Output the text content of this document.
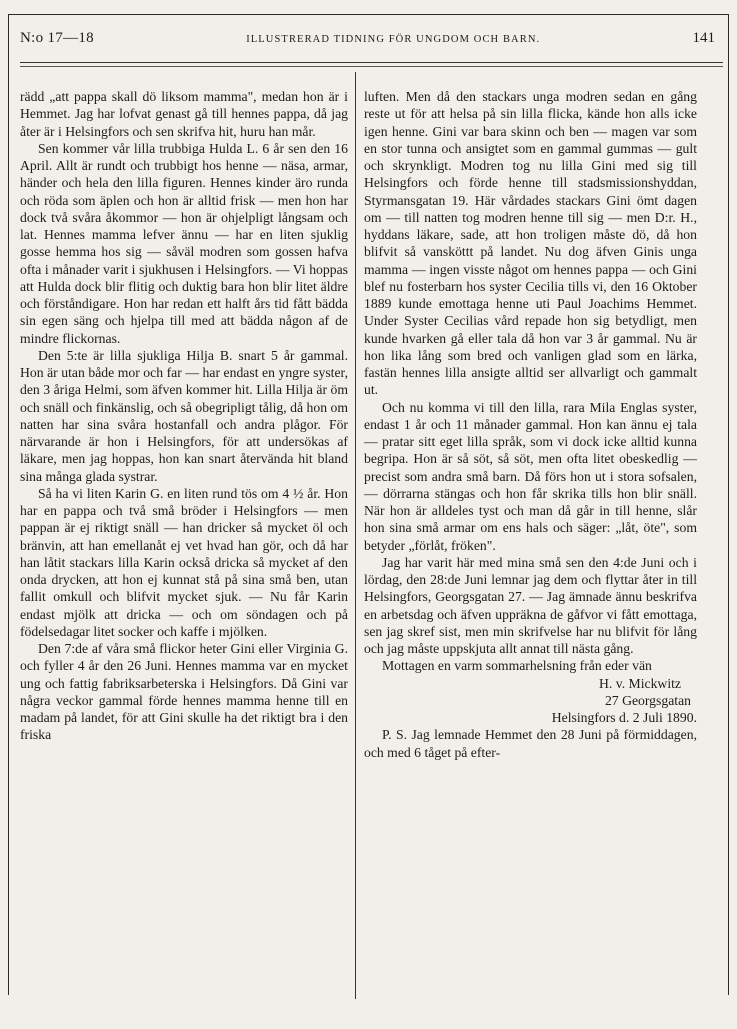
N:o 17—18	ILLUSTRERAD TIDNING FÖR UNGDOM OCH BARN.	141

rädd „att pappa skall dö liksom mamma", medan hon är i Hemmet. Jag har lofvat genast gå till hennes pappa, då jag åter är i Helsingfors och sen skrifva hit, huru han mår.

Sen kommer vår lilla trubbiga Hulda L. 6 år sen den 16 April. Allt är rundt och trubbigt hos henne — näsa, armar, händer och hela den lilla figuren. Hennes kinder äro runda och röda som äplen och hon är alltid frisk — men hon har dock två svåra åkommor — hon är ohjelpligt långsam och lat. Hennes mamma lefver ännu — har en liten sjuklig gosse hemma hos sig — såväl modren som gossen hafva ofta i månader varit i sjukhusen i Helsingfors. — Vi hoppas att Hulda dock blir flitig och duktig bara hon blir litet äldre och förståndigare. Hon har redan ett halft års tid fått bädda sin egen säng och hjelpa till med att bädda någon af de mindre flickornas.

Den 5:te är lilla sjukliga Hilja B. snart 5 år gammal. Hon är utan både mor och far — har endast en yngre syster, den 3 åriga Helmi, som äfven kommer hit. Lilla Hilja är öm och snäll och finkänslig, och så obegripligt tålig, då hon om natten har sina svåra hostanfall och andra plågor. För närvarande är hon i Helsingfors, för att undersökas af läkare, men jag hoppas, hon kan snart återvända hit bland sina många glada systrar.

Så ha vi liten Karin G. en liten rund tös om 4 ½ år. Hon har en pappa och två små bröder i Helsingfors — men pappan är ej riktigt snäll — han dricker så mycket öl och bränvin, att han emellanåt ej vet hvad han gör, och då har han låtit stackars lilla Karin också dricka så mycket af den onda drycken, att hon ej kunnat stå på sina små ben, utan fallit omkull och blifvit mycket sjuk. — Nu får Karin endast mjölk att dricka — och om söndagen och på födelsedagar litet socker och kaffe i mjölken.

Den 7:de af våra små flickor heter Gini eller Virginia G. och fyller 4 år den 26 Juni. Hennes mamma var en mycket ung och fattig fabriksarbeterska i Helsingfors. Då Gini var några veckor gammal förde hennes mamma henne till en madam på landet, för att Gini skulle ha det riktigt bra i den friska

luften. Men då den stackars unga modren sedan en gång reste ut för att helsa på sin lilla flicka, kände hon alls icke igen henne. Gini var bara skinn och ben — magen var som en stor tunna och ansigtet som en gammal gummas — gult och skrynkligt. Modren tog nu lilla Gini med sig till Helsingfors och förde henne till stadsmissionshyddan, Styrmansgatan 19. Här vårdades stackars Gini ömt dagen om — till natten tog modren henne till sig — men D:r. H., hyddans läkare, sade, att hon troligen måste dö, då hon blifvit så vansköttt på landet. Nu dog äfven Ginis unga mamma — ingen visste något om hennes pappa — och Gini blef nu fosterbarn hos syster Cecilia tills vi, den 16 Oktober 1889 kunde emottaga henne uti Paul Joachims Hemmet. Under Syster Cecilias vård repade hon sig betydligt, men kunde hvarken gå eller tala då hon var 3 år gammal. Nu är hon lika lång som bred och vanligen glad som en lärka, fastän hennes lilla ansigte alltid ser allvarligt och gammalt ut.

Och nu komma vi till den lilla, rara Mila Englas syster, endast 1 år och 11 månader gammal. Hon kan ännu ej tala — pratar sitt eget lilla språk, som vi dock icke alltid kunna begripa. Hon är så söt, så söt, men ofta litet obeskedlig — precist som andra små barn. Då förs hon ut i stora sofsalen, — dörrarna stängas och hon får skrika tills hon blir snäll. När hon är alldeles tyst och man då går in till henne, slår hon sina små armar om ens hals och säger: „låt, öte", som betyder „förlåt, fröken".

Jag har varit här med mina små sen den 4:de Juni och i lördag, den 28:de Juni lemnar jag dem och flyttar åter in till Helsingfors, Georgsgatan 27. — Jag ämnade ännu beskrifva en arbetsdag och äfven uppräkna de gåfvor vi fått emottaga, sen jag skref sist, men min skrifvelse har nu blifvit för lång och jag måste uppskjuta allt annat till nästa gång.

Mottagen en varm sommarhelsning från eder vän

H. v. Mickwitz
27 Georgsgatan
Helsingfors d. 2 Juli 1890.

P. S. Jag lemnade Hemmet den 28 Juni på förmiddagen, och med 6 tåget på efter-
